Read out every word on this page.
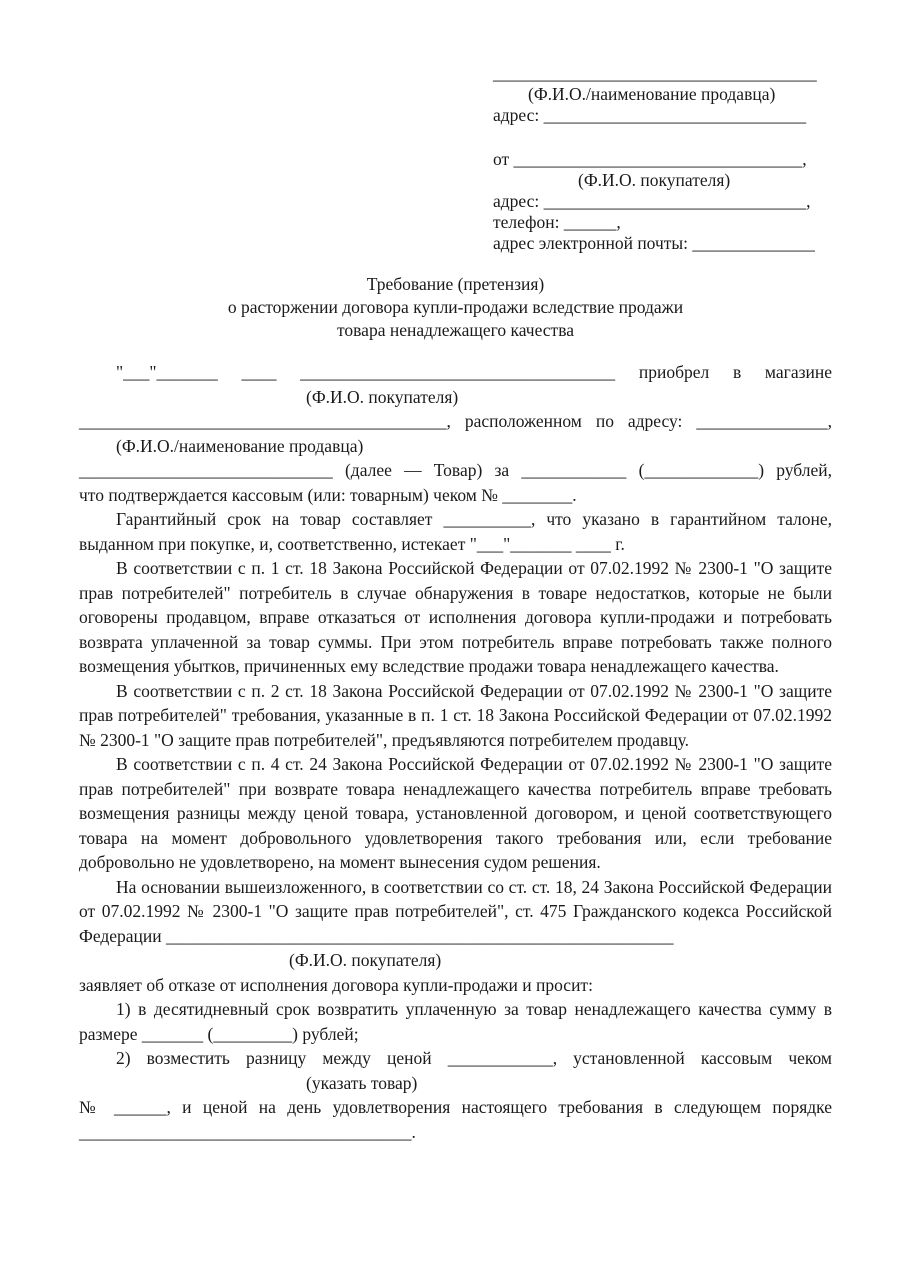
_____________________________________
(Ф.И.О./наименование продавца)
адрес: ______________________________
от _________________________________,
(Ф.И.О. покупателя)
адрес: ______________________________,
телефон: ______,
адрес электронной почты: ______________
Требование (претензия)
о расторжении договора купли-продажи вследствие продажи
товара ненадлежащего качества
"___"_______ ____ ____________________________________ приобрел в магазине
(Ф.И.О. покупателя)
__________________________________________, расположенном по адресу: _______________,
(Ф.И.О./наименование продавца)
_____________________________ (далее — Товар) за ____________ (_____________) рублей,
что подтверждается кассовым (или: товарным) чеком № ________.
Гарантийный срок на товар составляет __________, что указано в гарантийном талоне, выданном при покупке, и, соответственно, истекает "___"_______ ____ г.
В соответствии с п. 1 ст. 18 Закона Российской Федерации от 07.02.1992 № 2300-1 "О защите прав потребителей" потребитель в случае обнаружения в товаре недостатков, которые не были оговорены продавцом, вправе отказаться от исполнения договора купли-продажи и потребовать возврата уплаченной за товар суммы. При этом потребитель вправе потребовать также полного возмещения убытков, причиненных ему вследствие продажи товара ненадлежащего качества.
В соответствии с п. 2 ст. 18 Закона Российской Федерации от 07.02.1992 № 2300-1 "О защите прав потребителей" требования, указанные в п. 1 ст. 18 Закона Российской Федерации от 07.02.1992 № 2300-1 "О защите прав потребителей", предъявляются потребителем продавцу.
В соответствии с п. 4 ст. 24 Закона Российской Федерации от 07.02.1992 № 2300-1 "О защите прав потребителей" при возврате товара ненадлежащего качества потребитель вправе требовать возмещения разницы между ценой товара, установленной договором, и ценой соответствующего товара на момент добровольного удовлетворения такого требования или, если требование добровольно не удовлетворено, на момент вынесения судом решения.
На основании вышеизложенного, в соответствии со ст. ст. 18, 24 Закона Российской Федерации от 07.02.1992 № 2300-1 "О защите прав потребителей", ст. 475 Гражданского кодекса Российской Федерации __________________________________________________________
(Ф.И.О. покупателя)
заявляет об отказе от исполнения договора купли-продажи и просит:
1) в десятидневный срок возвратить уплаченную за товар ненадлежащего качества сумму в размере _______ (_________) рублей;
2) возместить разницу между ценой ____________, установленной кассовым чеком
(указать товар)
№ ______, и ценой на день удовлетворения настоящего требования в следующем порядке
______________________________________.
